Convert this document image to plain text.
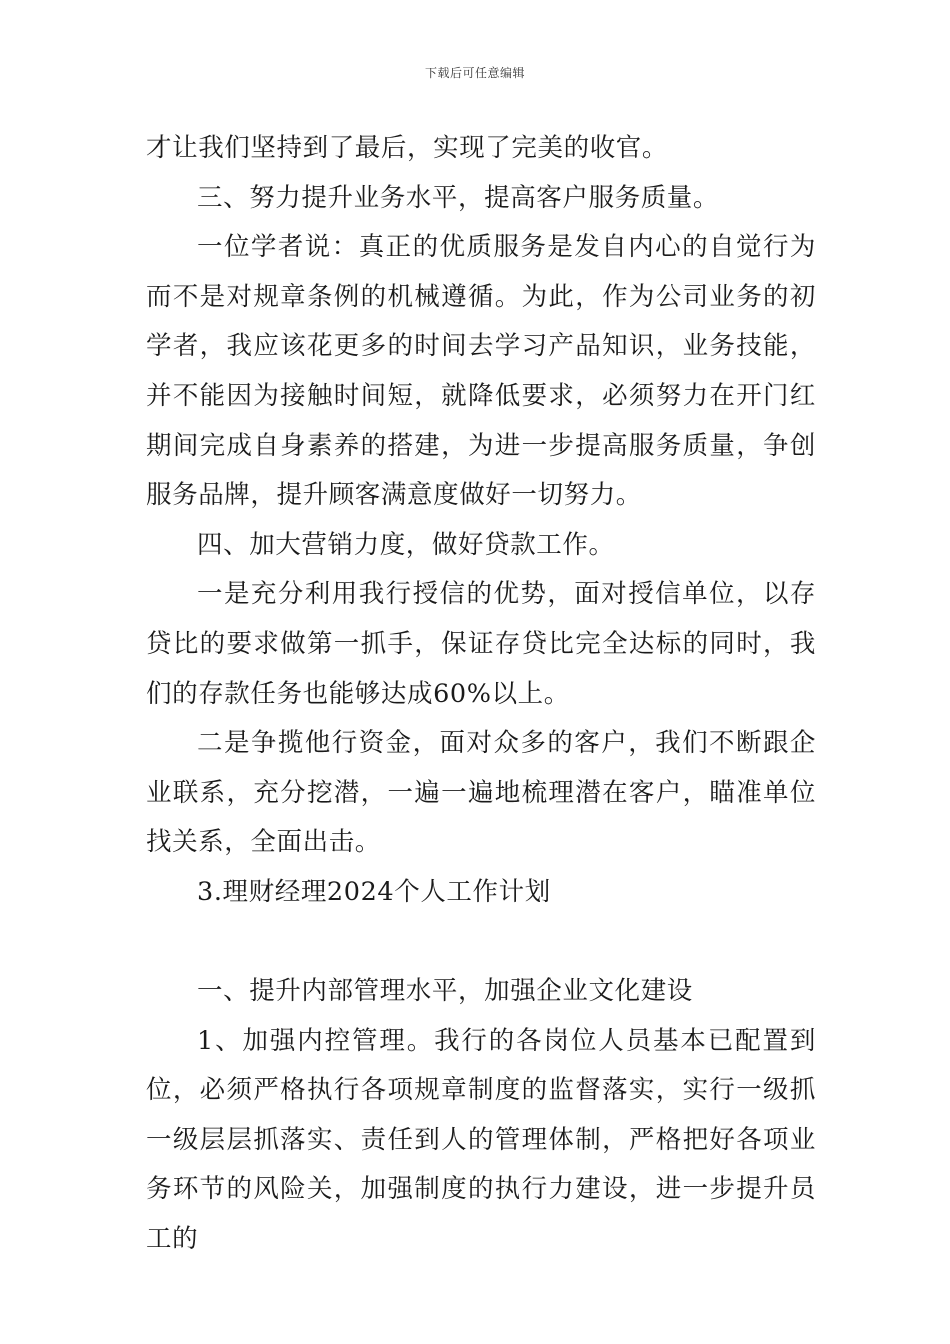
下载后可任意编辑

才让我们坚持到了最后，实现了完美的收官。

三、努力提升业务水平，提高客户服务质量。

一位学者说：真正的优质服务是发自内心的自觉行为而不是对规章条例的机械遵循。为此，作为公司业务的初学者，我应该花更多的时间去学习产品知识，业务技能，并不能因为接触时间短，就降低要求，必须努力在开门红期间完成自身素养的搭建，为进一步提高服务质量，争创服务品牌，提升顾客满意度做好一切努力。

四、加大营销力度，做好贷款工作。

一是充分利用我行授信的优势，面对授信单位，以存贷比的要求做第一抓手，保证存贷比完全达标的同时，我们的存款任务也能够达成60%以上。

二是争揽他行资金，面对众多的客户，我们不断跟企业联系，充分挖潜，一遍一遍地梳理潜在客户，瞄准单位找关系，全面出击。

3.理财经理2024个人工作计划

一、提升内部管理水平，加强企业文化建设

1、加强内控管理。我行的各岗位人员基本已配置到位，必须严格执行各项规章制度的监督落实，实行一级抓一级层层抓落实、责任到人的管理体制，严格把好各项业务环节的风险关，加强制度的执行力建设，进一步提升员工的
